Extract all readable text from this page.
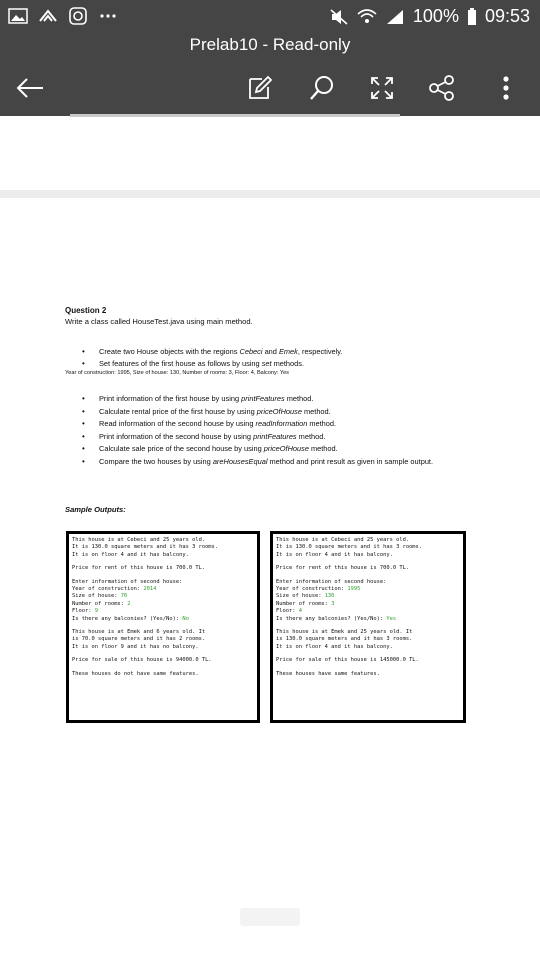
100% 09:53
Prelab10 - Read-only
Question 2
Write a class called HouseTest.java using main method.
• Create two House objects with the regions Cebeci and Emek, respectively.
• Set features of the first house as follows by using set methods.
Year of construction: 1995, Size of house: 130, Number of rooms: 3, Floor: 4, Balcony: Yes
• Print information of the first house by using printFeatures method.
• Calculate rental price of the first house by using priceOfHouse method.
• Read information of the second house by using readInformation method.
• Print information of the second house by using printFeatures method.
• Calculate sale price of the second house by using priceOfHouse method.
• Compare the two houses by using areHousesEqual method and print result as given in sample output.
Sample Outputs:
This house is at Cebeci and 25 years old.
It is 130.0 square meters and it has 3 rooms.
It is on floor 4 and it has balcony.
Price for rent of this house is 700.0 TL.
Enter information of second house:
Year of construction: 2014
Size of house: 70
Number of rooms: 2
Floor: 9
Is there any balconies? (Yes/No): No
This house is at Emek and 6 years old. It
is 70.0 square meters and it has 2 rooms.
It is on floor 9 and it has no balcony.
Price for sale of this house is 94000.0 TL.
These houses do not have same features.
This house is at Cebeci and 25 years old.
It is 130.0 square meters and it has 3 rooms.
It is on floor 4 and it has balcony.
Price for rent of this house is 700.0 TL.
Enter information of second house:
Year of construction: 1995
Size of house: 130
Number of rooms: 3
Floor: 4
Is there any balconies? (Yes/No): Yes
This house is at Emek and 25 years old. It
is 130.0 square meters and it has 3 rooms.
It is on floor 4 and it has balcony.
Price for sale of this house is 145000.0 TL.
These houses have same features.
